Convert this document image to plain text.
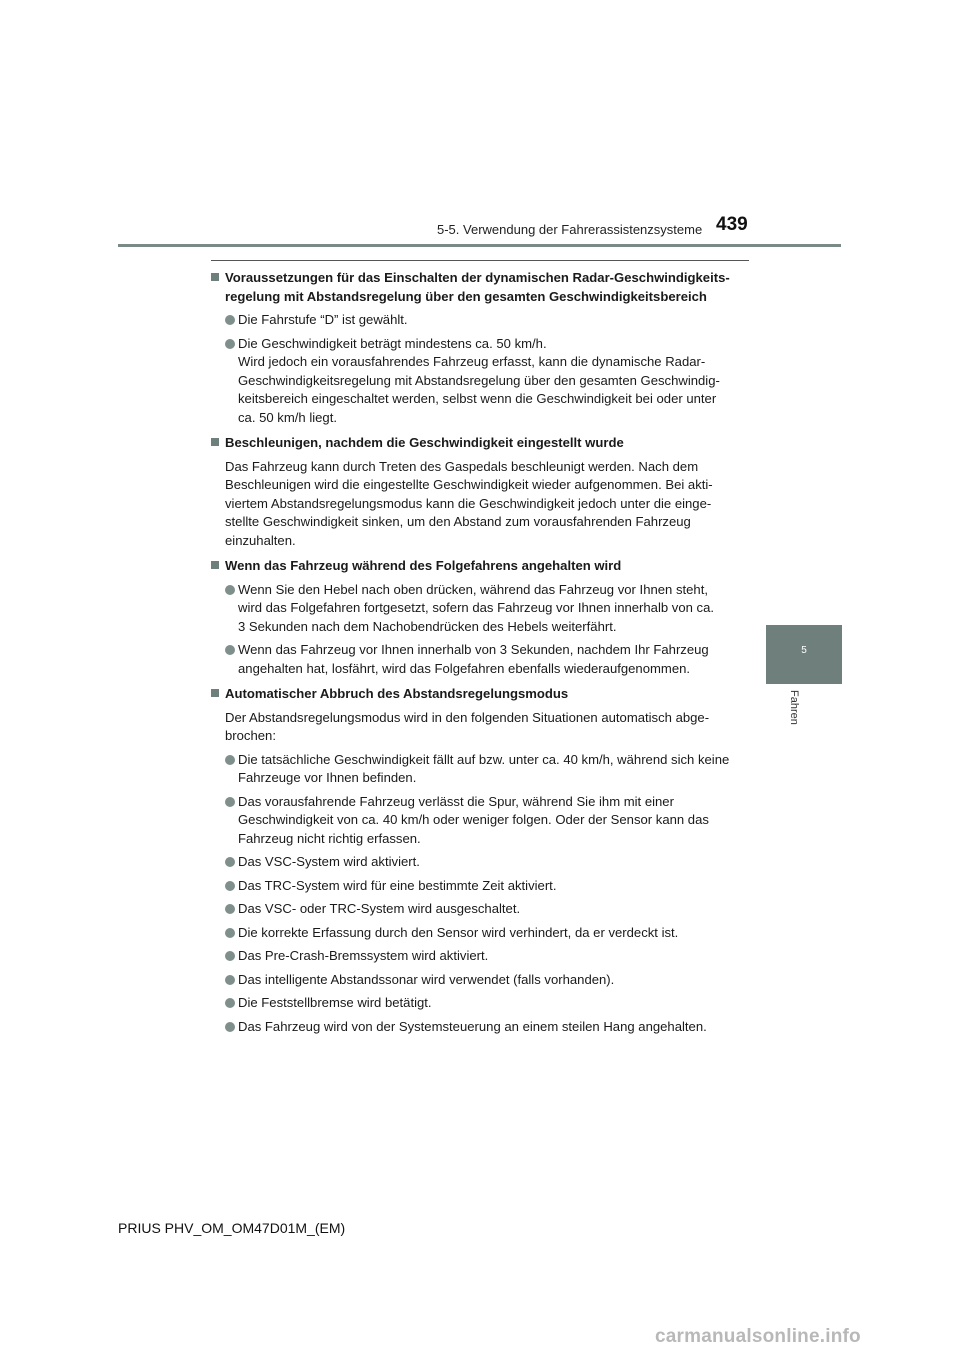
5-5. Verwendung der Fahrerassistenzsysteme 439
5
Fahren
Voraussetzungen für das Einschalten der dynamischen Radar-Geschwindigkeits-
regelung mit Abstandsregelung über den gesamten Geschwindigkeitsbereich
Die Fahrstufe “D” ist gewählt.
Die Geschwindigkeit beträgt mindestens ca. 50 km/h.
Wird jedoch ein vorausfahrendes Fahrzeug erfasst, kann die dynamische Radar-
Geschwindigkeitsregelung mit Abstandsregelung über den gesamten Geschwindig-
keitsbereich eingeschaltet werden, selbst wenn die Geschwindigkeit bei oder unter
ca. 50 km/h liegt.
Beschleunigen, nachdem die Geschwindigkeit eingestellt wurde
Das Fahrzeug kann durch Treten des Gaspedals beschleunigt werden. Nach dem
Beschleunigen wird die eingestellte Geschwindigkeit wieder aufgenommen. Bei akti-
viertem Abstandsregelungsmodus kann die Geschwindigkeit jedoch unter die einge-
stellte Geschwindigkeit sinken, um den Abstand zum vorausfahrenden Fahrzeug
einzuhalten.
Wenn das Fahrzeug während des Folgefahrens angehalten wird
Wenn Sie den Hebel nach oben drücken, während das Fahrzeug vor Ihnen steht,
wird das Folgefahren fortgesetzt, sofern das Fahrzeug vor Ihnen innerhalb von ca.
3 Sekunden nach dem Nachobendrücken des Hebels weiterfährt.
Wenn das Fahrzeug vor Ihnen innerhalb von 3 Sekunden, nachdem Ihr Fahrzeug
angehalten hat, losfährt, wird das Folgefahren ebenfalls wiederaufgenommen.
Automatischer Abbruch des Abstandsregelungsmodus
Der Abstandsregelungsmodus wird in den folgenden Situationen automatisch abge-
brochen:
Die tatsächliche Geschwindigkeit fällt auf bzw. unter ca. 40 km/h, während sich keine
Fahrzeuge vor Ihnen befinden.
Das vorausfahrende Fahrzeug verlässt die Spur, während Sie ihm mit einer
Geschwindigkeit von ca. 40 km/h oder weniger folgen. Oder der Sensor kann das
Fahrzeug nicht richtig erfassen.
Das VSC-System wird aktiviert.
Das TRC-System wird für eine bestimmte Zeit aktiviert.
Das VSC- oder TRC-System wird ausgeschaltet.
Die korrekte Erfassung durch den Sensor wird verhindert, da er verdeckt ist.
Das Pre-Crash-Bremssystem wird aktiviert.
Das intelligente Abstandssonar wird verwendet (falls vorhanden).
Die Feststellbremse wird betätigt.
Das Fahrzeug wird von der Systemsteuerung an einem steilen Hang angehalten.
PRIUS PHV_OM_OM47D01M_(EM)
carmanualsonline.info
